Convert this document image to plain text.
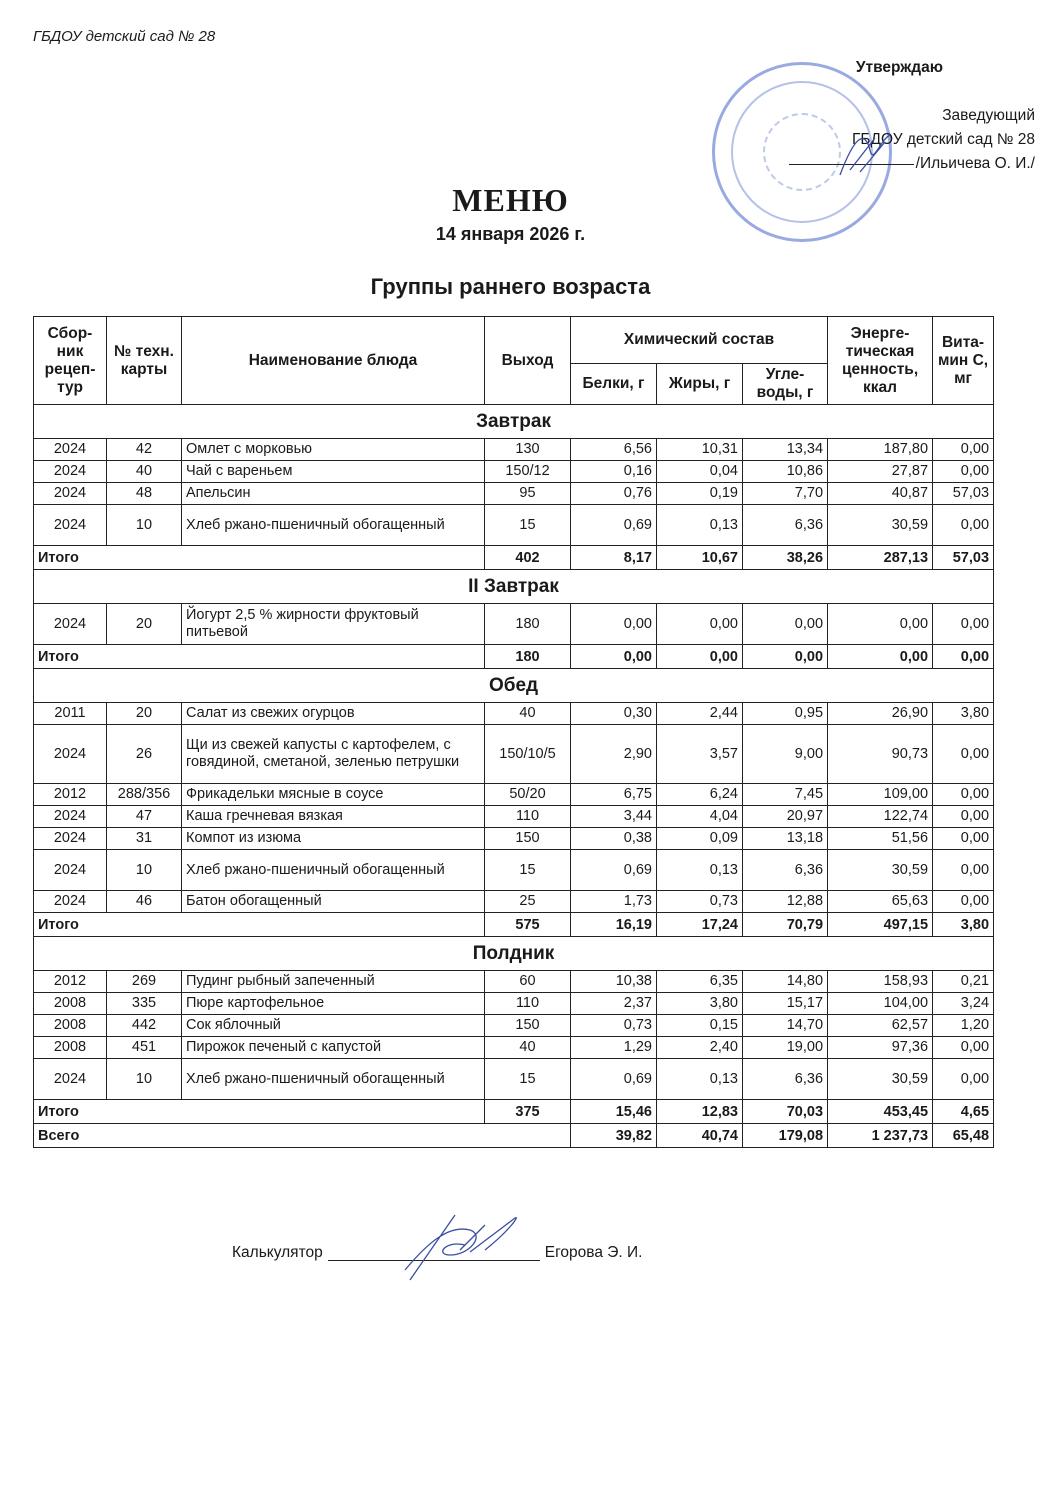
ГБДОУ детский сад № 28
Утверждаю
Заведующий
ГБДОУ детский сад № 28
/Ильичева О. И./
МЕНЮ
14 января 2026 г.
Группы раннего возраста
Сбор-ник рецеп-тур	№ техн. карты	Наименование блюда	Выход	Химический состав			Энерге-тическая ценность, ккал	Вита-мин С, мг
				Белки, г	Жиры, г	Угле-воды, г		
Завтрак								
2024	42	Омлет с морковью	130	6,56	10,31	13,34	187,80	0,00
2024	40	Чай с вареньем	150/12	0,16	0,04	10,86	27,87	0,00
2024	48	Апельсин	95	0,76	0,19	7,70	40,87	57,03
2024	10	Хлеб ржано-пшеничный обогащенный	15	0,69	0,13	6,36	30,59	0,00
Итого			402	8,17	10,67	38,26	287,13	57,03
II Завтрак								
2024	20	Йогурт 2,5 % жирности фруктовый питьевой	180	0,00	0,00	0,00	0,00	0,00
Итого			180	0,00	0,00	0,00	0,00	0,00
Обед								
2011	20	Салат из свежих огурцов	40	0,30	2,44	0,95	26,90	3,80
2024	26	Щи из свежей капусты с картофелем, с говядиной, сметаной, зеленью петрушки	150/10/5	2,90	3,57	9,00	90,73	0,00
2012	288/356	Фрикадельки мясные в соусе	50/20	6,75	6,24	7,45	109,00	0,00
2024	47	Каша гречневая вязкая	110	3,44	4,04	20,97	122,74	0,00
2024	31	Компот из изюма	150	0,38	0,09	13,18	51,56	0,00
2024	10	Хлеб ржано-пшеничный обогащенный	15	0,69	0,13	6,36	30,59	0,00
2024	46	Батон обогащенный	25	1,73	0,73	12,88	65,63	0,00
Итого			575	16,19	17,24	70,79	497,15	3,80
Полдник								
2012	269	Пудинг рыбный запеченный	60	10,38	6,35	14,80	158,93	0,21
2008	335	Пюре картофельное	110	2,37	3,80	15,17	104,00	3,24
2008	442	Сок яблочный	150	0,73	0,15	14,70	62,57	1,20
2008	451	Пирожок печеный с капустой	40	1,29	2,40	19,00	97,36	0,00
2024	10	Хлеб ржано-пшеничный обогащенный	15	0,69	0,13	6,36	30,59	0,00
Итого			375	15,46	12,83	70,03	453,45	4,65
Всего				39,82	40,74	179,08	1 237,73	65,48
Калькулятор	Егорова Э. И.
